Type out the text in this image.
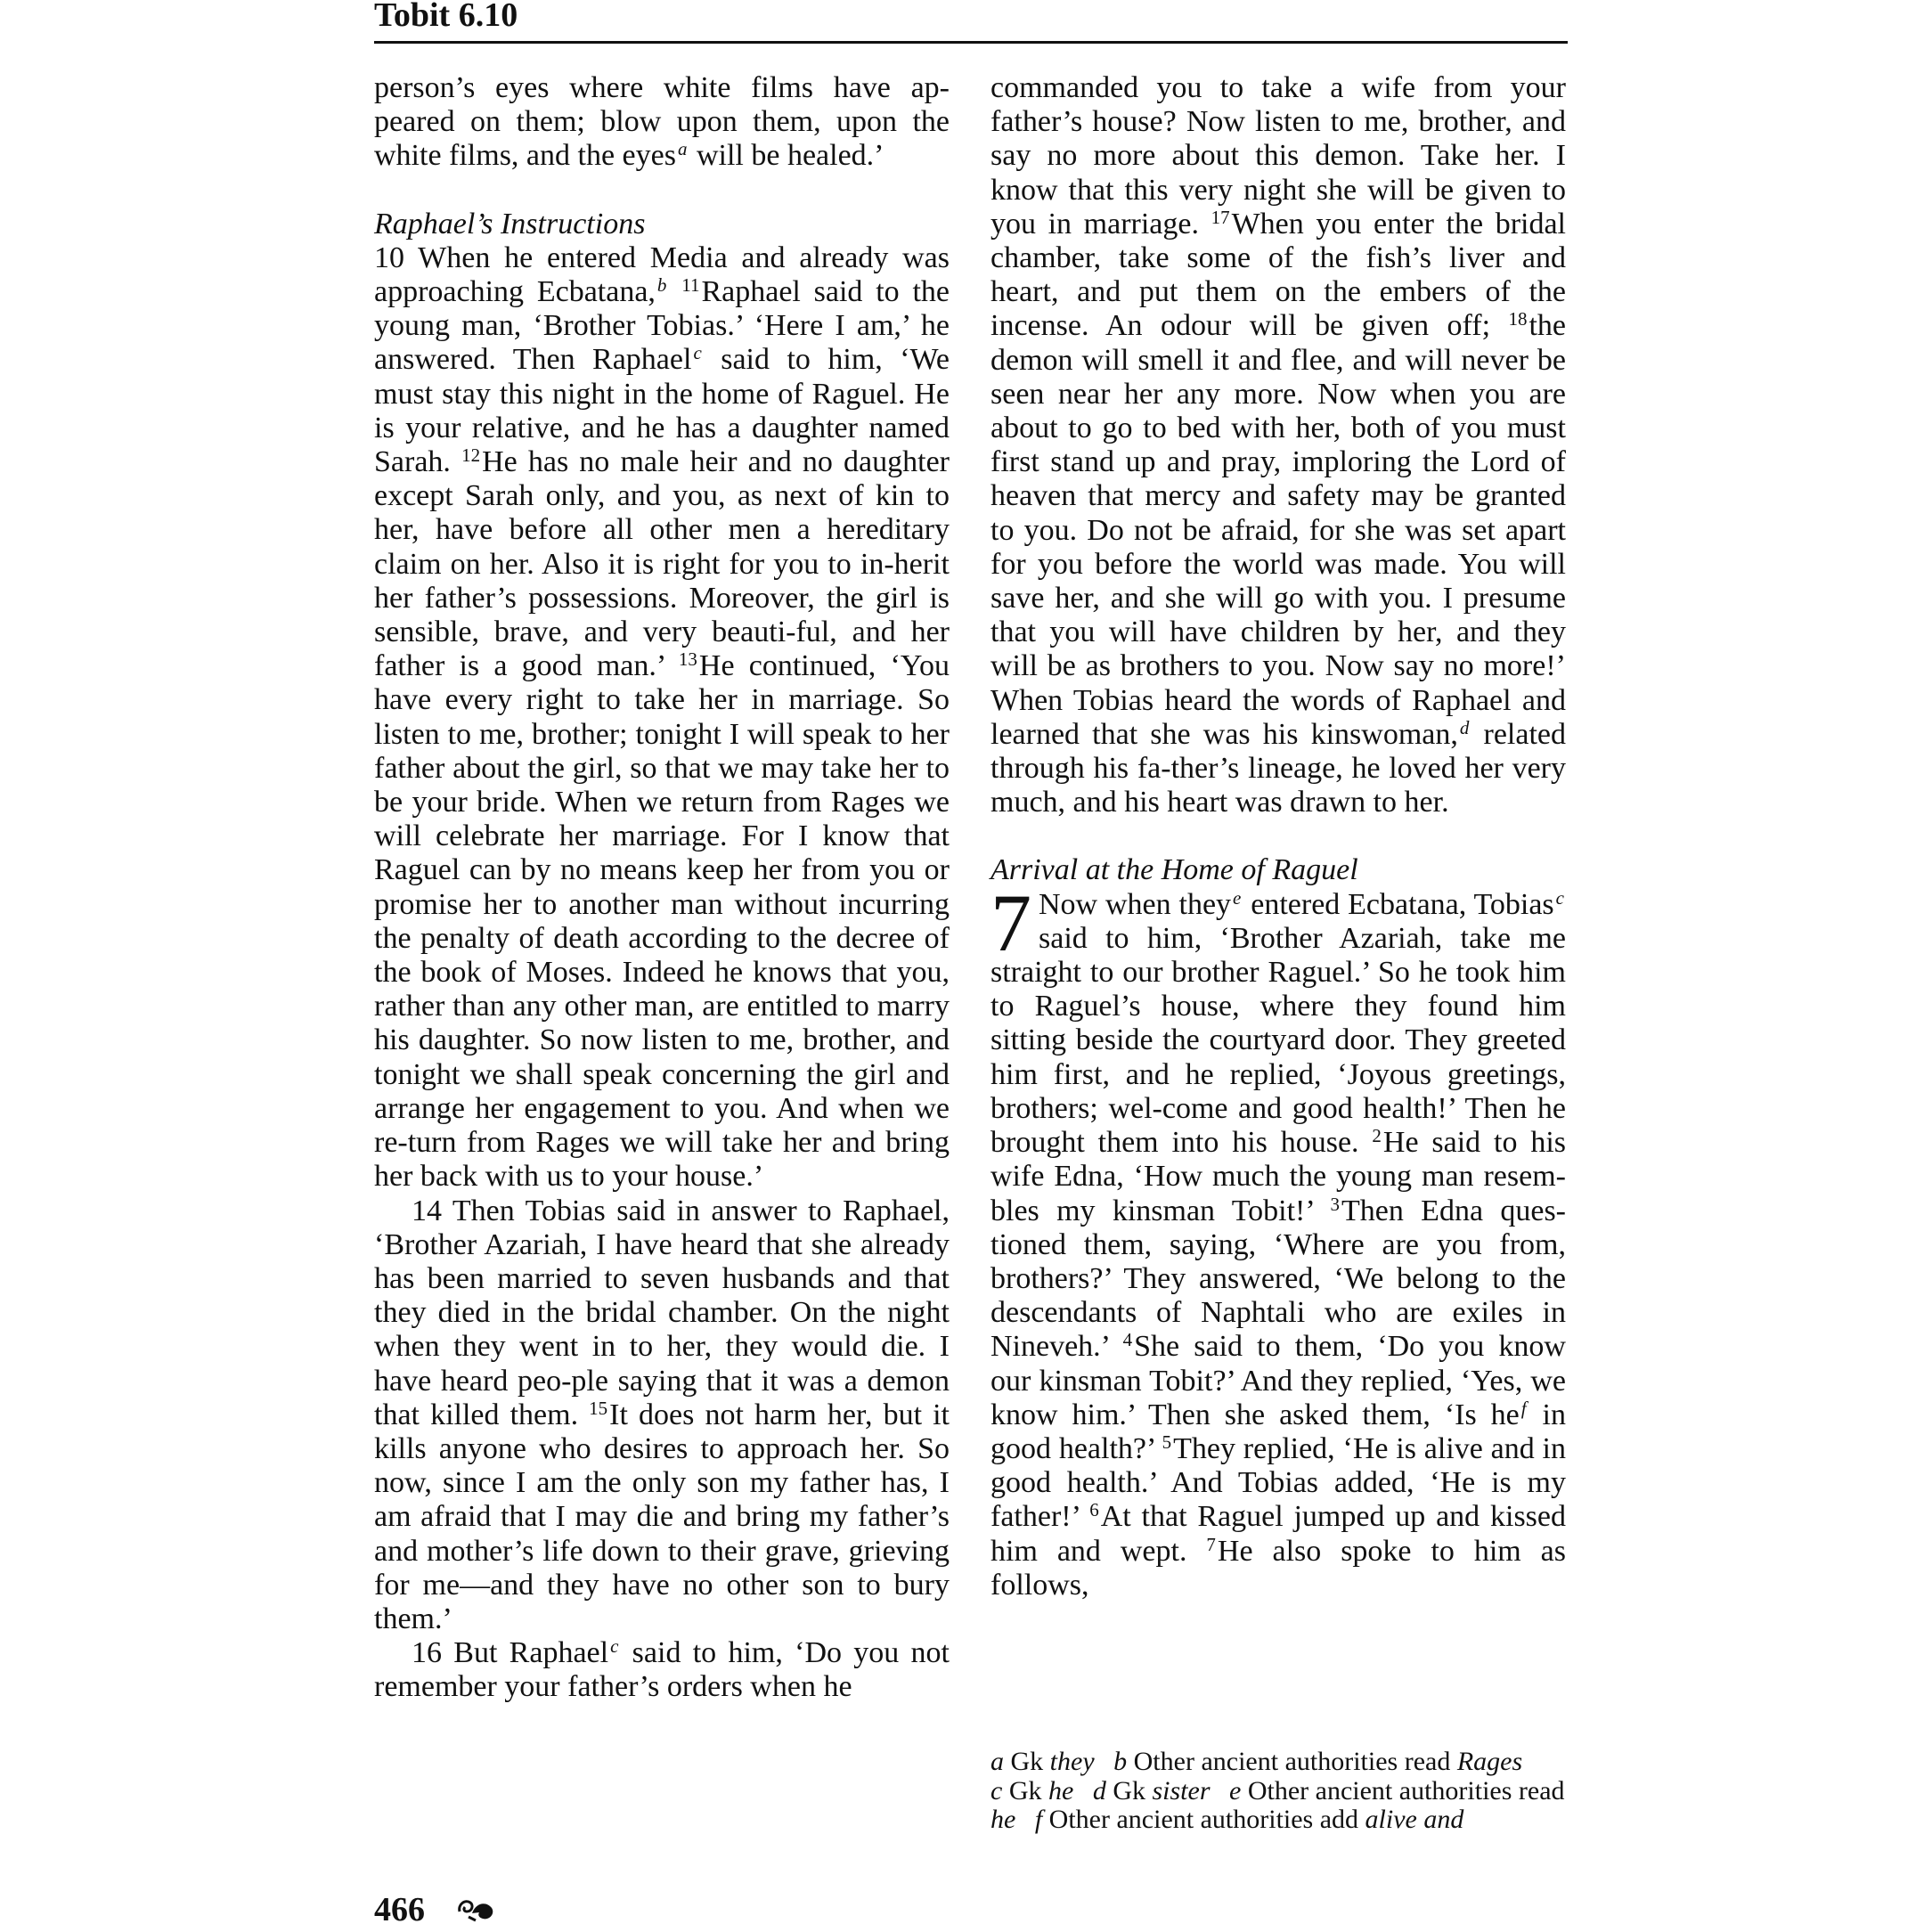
Tobit 6.10

person’s eyes where white films have ap-peared on them; blow upon them, upon the white films, and the eyes$^a$ will be healed.’

Raphael’s Instructions

10 When he entered Media and already was approaching Ecbatana,$^b$ $^{11}$Raphael said to the young man, ‘Brother Tobias.’ ‘Here I am,’ he answered. Then Raphael$^c$ said to him, ‘We must stay this night in the home of Raguel. He is your relative, and he has a daughter named Sarah. $^{12}$He has no male heir and no daughter except Sarah only, and you, as next of kin to her, have before all other men a hereditary claim on her. Also it is right for you to in-herit her father’s possessions. Moreover, the girl is sensible, brave, and very beauti-ful, and her father is a good man.’ $^{13}$He continued, ‘You have every right to take her in marriage. So listen to me, brother; tonight I will speak to her father about the girl, so that we may take her to be your bride. When we return from Rages we will celebrate her marriage. For I know that Raguel can by no means keep her from you or promise her to another man without incurring the penalty of death according to the decree of the book of Moses. Indeed he knows that you, rather than any other man, are entitled to marry his daughter. So now listen to me, brother, and tonight we shall speak concerning the girl and arrange her engagement to you. And when we re-turn from Rages we will take her and bring her back with us to your house.’

14 Then Tobias said in answer to Raphael, ‘Brother Azariah, I have heard that she already has been married to seven husbands and that they died in the bridal chamber. On the night when they went in to her, they would die. I have heard peo-ple saying that it was a demon that killed them. $^{15}$It does not harm her, but it kills anyone who desires to approach her. So now, since I am the only son my father has, I am afraid that I may die and bring my father’s and mother’s life down to their grave, grieving for me—and they have no other son to bury them.’

16 But Raphael$^c$ said to him, ‘Do you not remember your father’s orders when he

commanded you to take a wife from your father’s house? Now listen to me, brother, and say no more about this demon. Take her. I know that this very night she will be given to you in marriage. $^{17}$When you enter the bridal chamber, take some of the fish’s liver and heart, and put them on the embers of the incense. An odour will be given off; $^{18}$the demon will smell it and flee, and will never be seen near her any more. Now when you are about to go to bed with her, both of you must first stand up and pray, imploring the Lord of heaven that mercy and safety may be granted to you. Do not be afraid, for she was set apart for you before the world was made. You will save her, and she will go with you. I presume that you will have children by her, and they will be as brothers to you. Now say no more!’ When Tobias heard the words of Raphael and learned that she was his kinswoman,$^d$ related through his fa-ther’s lineage, he loved her very much, and his heart was drawn to her.

Arrival at the Home of Raguel

7 Now when they$^e$ entered Ecbatana, Tobias$^c$ said to him, ‘Brother Azariah, take me straight to our brother Raguel.’ So he took him to Raguel’s house, where they found him sitting beside the courtyard door. They greeted him first, and he replied, ‘Joyous greetings, brothers; wel-come and good health!’ Then he brought them into his house. $^2$He said to his wife Edna, ‘How much the young man resem-bles my kinsman Tobit!’ $^3$Then Edna ques-tioned them, saying, ‘Where are you from, brothers?’ They answered, ‘We belong to the descendants of Naphtali who are exiles in Nineveh.’ $^4$She said to them, ‘Do you know our kinsman Tobit?’ And they replied, ‘Yes, we know him.’ Then she asked them, ‘Is he$^f$ in good health?’ $^5$They replied, ‘He is alive and in good health.’ And Tobias added, ‘He is my father!’ $^6$At that Raguel jumped up and kissed him and wept. $^7$He also spoke to him as follows,

a Gk they b Other ancient authorities read Rages c Gk he d Gk sister e Other ancient authorities read he f Other ancient authorities add alive and
466
